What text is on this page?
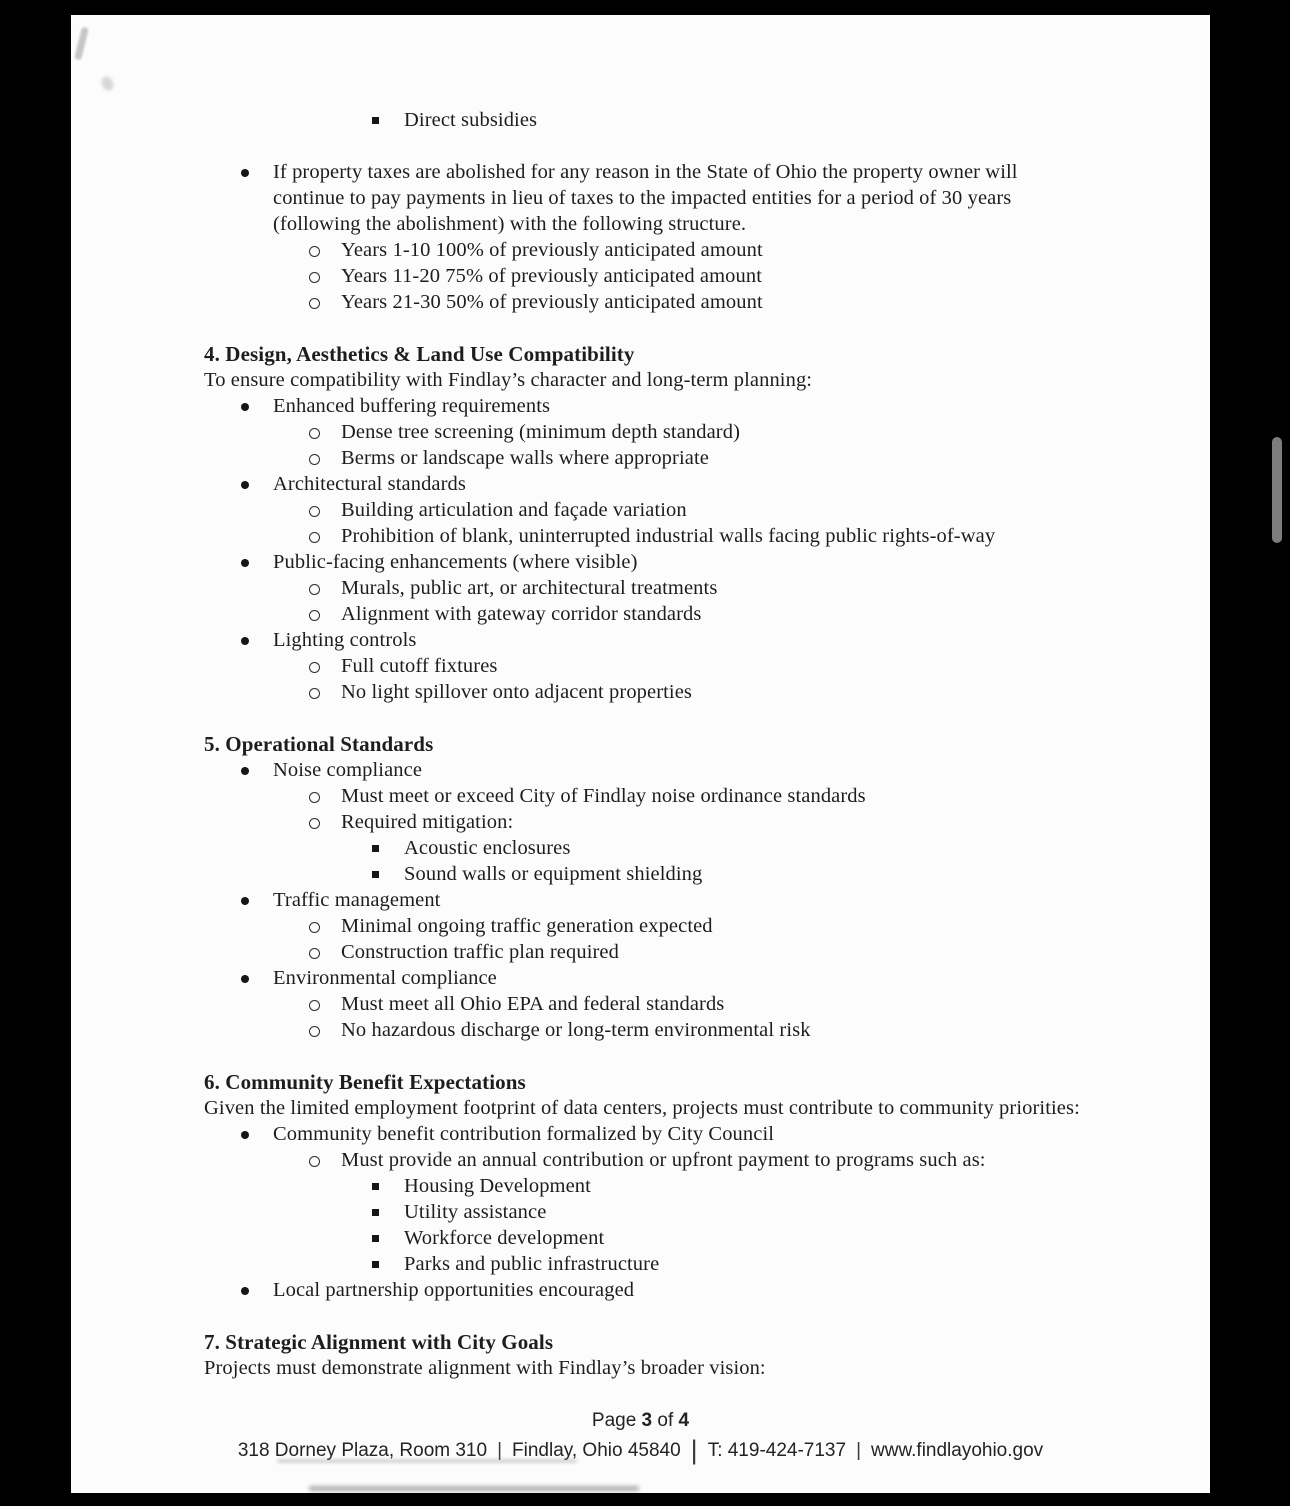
Direct subsidies
If property taxes are abolished for any reason in the State of Ohio the property owner will continue to pay payments in lieu of taxes to the impacted entities for a period of 30 years (following the abolishment) with the following structure.
Years 1-10 100% of previously anticipated amount
Years 11-20 75% of previously anticipated amount
Years 21-30 50% of previously anticipated amount
4. Design, Aesthetics & Land Use Compatibility

To ensure compatibility with Findlay’s character and long-term planning:

Enhanced buffering requirements
Dense tree screening (minimum depth standard)
Berms or landscape walls where appropriate
Architectural standards
Building articulation and façade variation
Prohibition of blank, uninterrupted industrial walls facing public rights-of-way
Public-facing enhancements (where visible)
Murals, public art, or architectural treatments
Alignment with gateway corridor standards
Lighting controls
Full cutoff fixtures
No light spillover onto adjacent properties
5. Operational Standards
Noise compliance
Must meet or exceed City of Findlay noise ordinance standards
Required mitigation:
Acoustic enclosures
Sound walls or equipment shielding
Traffic management
Minimal ongoing traffic generation expected
Construction traffic plan required
Environmental compliance
Must meet all Ohio EPA and federal standards
No hazardous discharge or long-term environmental risk
6. Community Benefit Expectations

Given the limited employment footprint of data centers, projects must contribute to community priorities:

Community benefit contribution formalized by City Council
Must provide an annual contribution or upfront payment to programs such as:
Housing Development
Utility assistance
Workforce development
Parks and public infrastructure
Local partnership opportunities encouraged
7. Strategic Alignment with City Goals

Projects must demonstrate alignment with Findlay’s broader vision:

Page 3 of 4
318 Dorney Plaza, Room 310 | Findlay, Ohio 45840 | T: 419-424-7137 | www.findlayohio.gov
